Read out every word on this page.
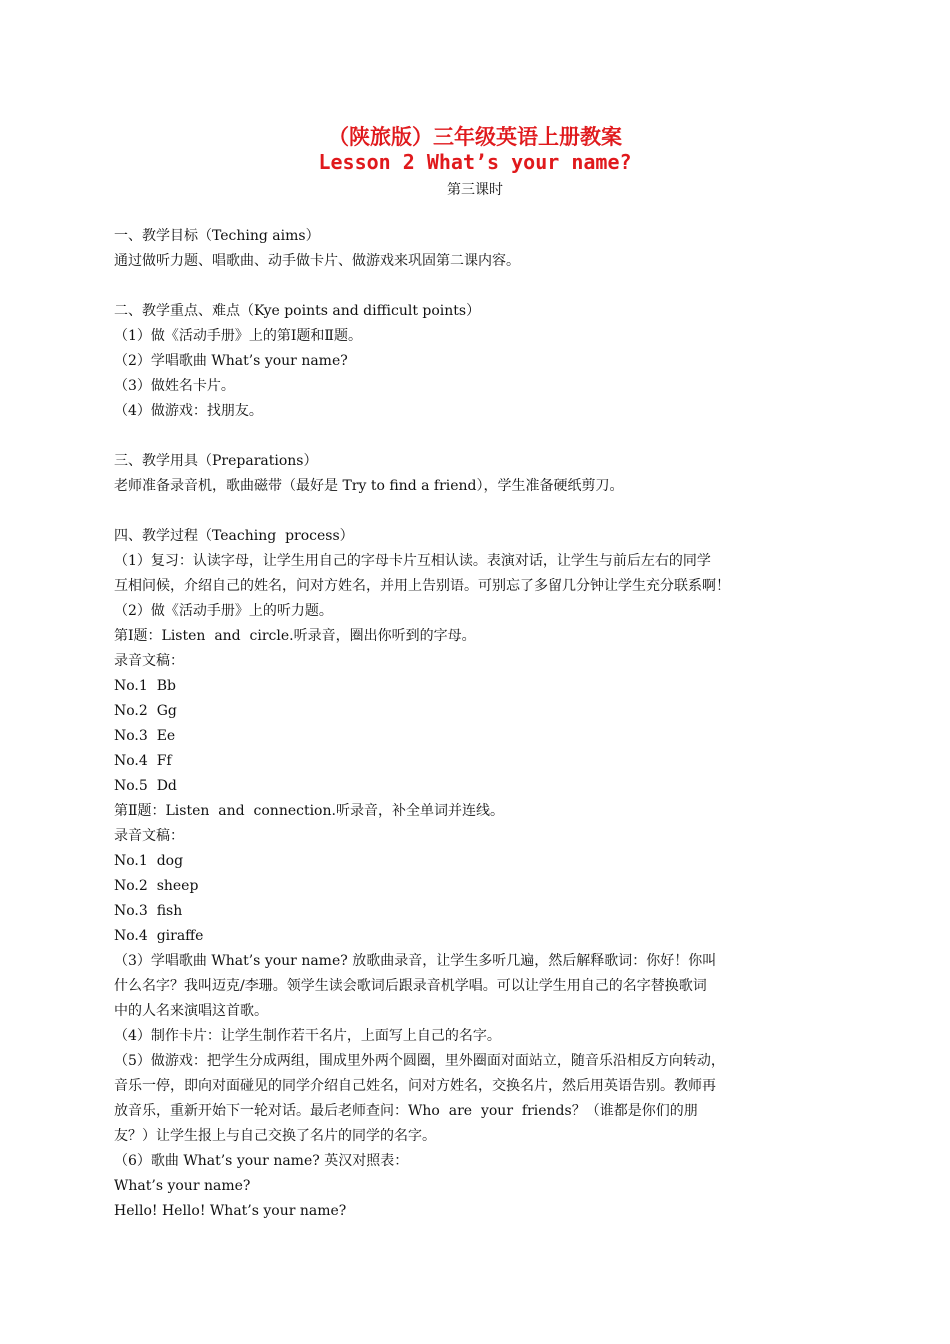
（陕旅版）三年级英语上册教案
Lesson 2 What’s your name?
第三课时
一、教学目标（Teching aims）
通过做听力题、唱歌曲、动手做卡片、做游戏来巩固第二课内容。
二、教学重点、难点（Kye points and difficult points）
（1）做《活动手册》上的第Ⅰ题和Ⅱ题。
（2）学唱歌曲 What’s your name?
（3）做姓名卡片。
（4）做游戏：找朋友。
三、教学用具（Preparations）
老师准备录音机，歌曲磁带（最好是 Try to find a friend），学生准备硬纸剪刀。
四、教学过程（Teaching  process）
（1）复习：认读字母，让学生用自己的字母卡片互相认读。表演对话，让学生与前后左右的同学
互相问候，介绍自己的姓名，问对方姓名，并用上告别语。可别忘了多留几分钟让学生充分联系啊！
（2）做《活动手册》上的听力题。
第Ⅰ题：Listen  and  circle.听录音，圈出你听到的字母。
录音文稿：
No.1  Bb
No.2  Gg
No.3  Ee
No.4  Ff
No.5  Dd
第Ⅱ题：Listen  and  connection.听录音，补全单词并连线。
录音文稿：
No.1  dog
No.2  sheep
No.3  fish
No.4  giraffe
（3）学唱歌曲 What’s your name? 放歌曲录音，让学生多听几遍，然后解释歌词：你好！你叫
什么名字？我叫迈克/李珊。领学生读会歌词后跟录音机学唱。可以让学生用自己的名字替换歌词
中的人名来演唱这首歌。
（4）制作卡片：让学生制作若干名片，上面写上自己的名字。
（5）做游戏：把学生分成两组，围成里外两个圆圈，里外圈面对面站立，随音乐沿相反方向转动，
音乐一停，即向对面碰见的同学介绍自己姓名，问对方姓名，交换名片，然后用英语告别。教师再
放音乐，重新开始下一轮对话。最后老师查问：Who  are  your  friends？（谁都是你们的朋
友？）让学生报上与自己交换了名片的同学的名字。
（6）歌曲 What’s your name? 英汉对照表：
What’s your name?
Hello! Hello! What’s your name?
